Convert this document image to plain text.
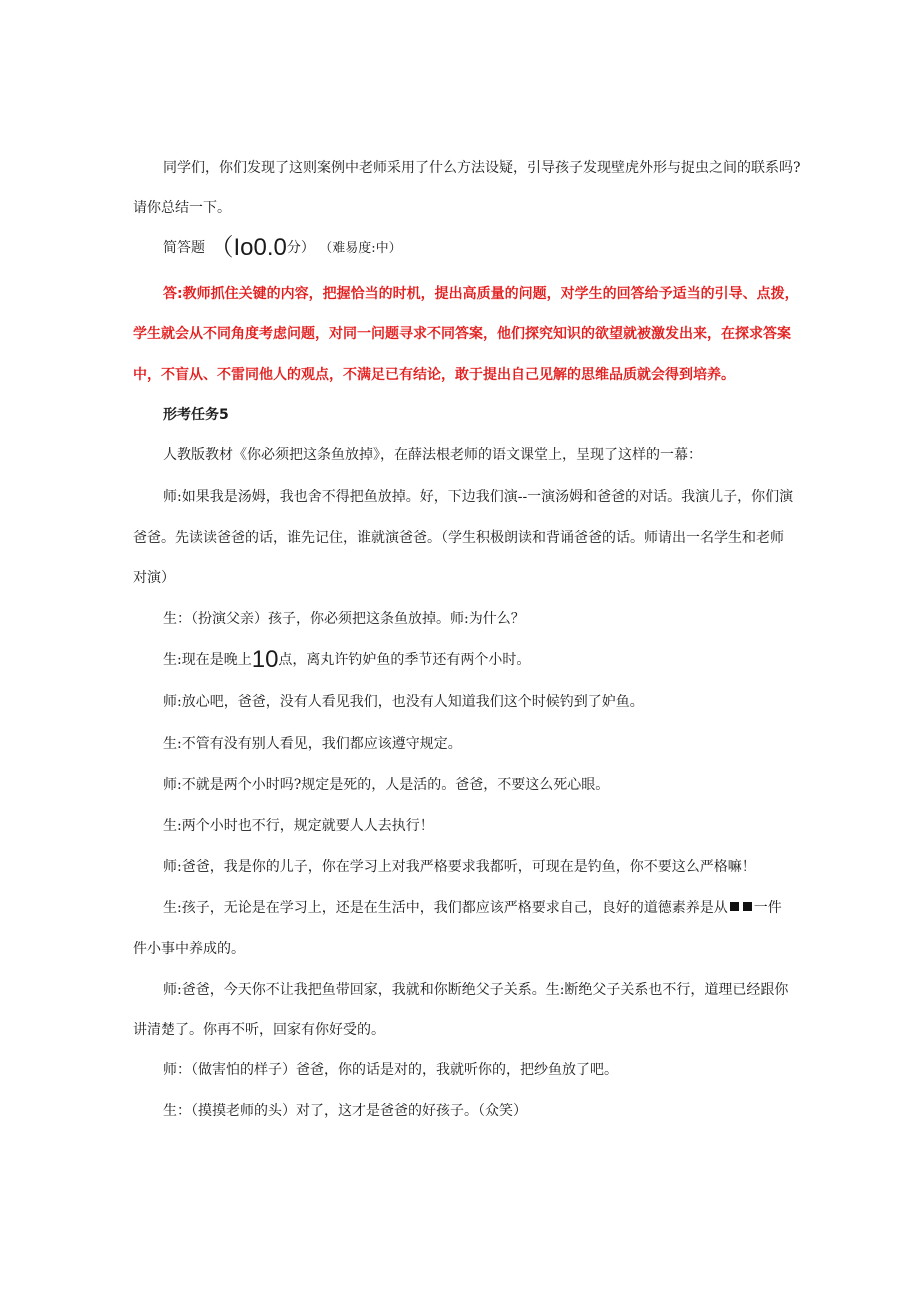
同学们，你们发现了这则案例中老师采用了什么方法设疑，引导孩子发现壁虎外形与捉虫之间的联系吗?
请你总结一下。
简答题 （Io0.0分） （难易度:中）
答:教师抓住关键的内容，把握恰当的时机，提出高质量的问题，对学生的回答给予适当的引导、点拨，
学生就会从不同角度考虑问题，对同一问题寻求不同答案，他们探究知识的欲望就被激发出来，在探求答案
中，不盲从、不雷同他人的观点，不满足已有结论，敢于提出自己见解的思维品质就会得到培养。
形考任务5
人教版教材《你必须把这条鱼放掉》，在薛法根老师的语文课堂上，呈现了这样的一幕：
师:如果我是汤姆，我也舍不得把鱼放掉。好，下边我们演--一演汤姆和爸爸的对话。我演儿子，你们演
爸爸。先读读爸爸的话，谁先记住，谁就演爸爸。（学生积极朗读和背诵爸爸的话。师请出一名学生和老师
对演）
生：（扮演父亲）孩子，你必须把这条鱼放掉。师:为什么？
生:现在是晚上10点，离丸许钓妒鱼的季节还有两个小时。
师:放心吧，爸爸，没有人看见我们，也没有人知道我们这个时候钓到了妒鱼。
生:不管有没有别人看见，我们都应该遵守规定。
师:不就是两个小时吗?规定是死的，人是活的。爸爸，不要这么死心眼。
生:两个小时也不行，规定就要人人去执行！
师:爸爸，我是你的儿子，你在学习上对我严格要求我都听，可现在是钓鱼，你不要这么严格嘛！
生:孩子，无论是在学习上，还是在生活中，我们都应该严格要求自己，良好的道德素养是从 一件
件小事中养成的。
师:爸爸，今天你不让我把鱼带回家，我就和你断绝父子关系。生:断绝父子关系也不行，道理已经跟你
讲清楚了。你再不听，回家有你好受的。
师：（做害怕的样子）爸爸，你的话是对的，我就听你的，把纱鱼放了吧。
生：（摸摸老师的头）对了，这才是爸爸的好孩子。（众笑）
